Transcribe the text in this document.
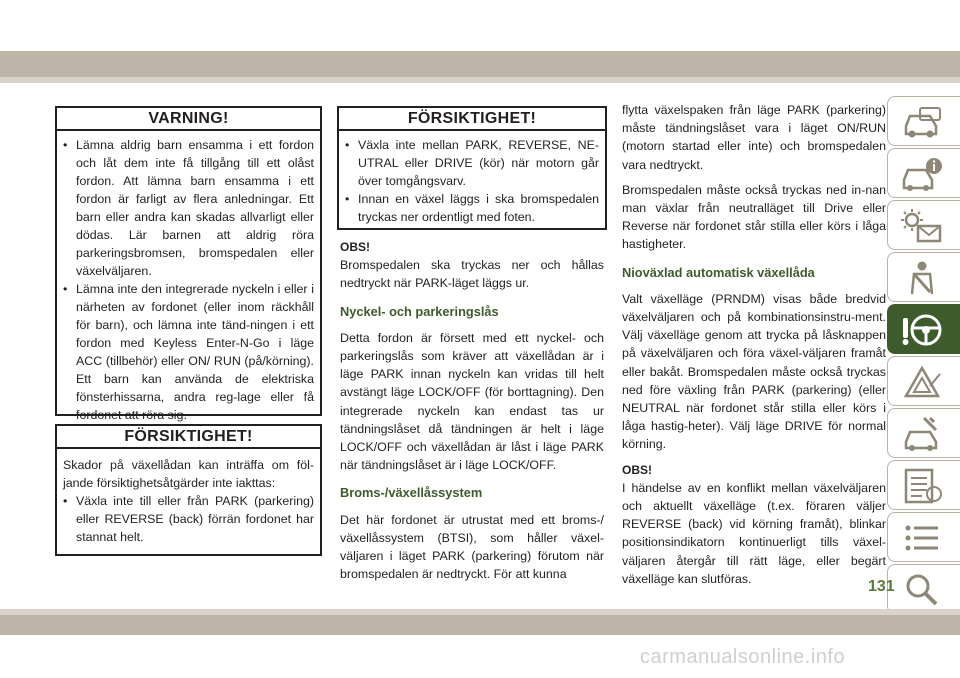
VARNING!
• Lämna aldrig barn ensamma i ett fordon och låt dem inte få tillgång till ett olåst fordon. Att lämna barn ensamma i ett fordon är farligt av flera anledningar. Ett barn eller andra kan skadas allvarligt eller dödas. Lär barnen att aldrig röra parkeringsbromsen, bromspedalen eller växelväljaren.
• Lämna inte den integrerade nyckeln i eller i närheten av fordonet (eller inom räckhåll för barn), och lämna inte tänd-ningen i ett fordon med Keyless Enter-N-Go i läge ACC (tillbehör) eller ON/ RUN (på/körning). Ett barn kan använda de elektriska fönsterhissarna, andra reg-lage eller få fordonet att röra sig.
FÖRSIKTIGHET!
Skador på växellådan kan inträffa om föl-jande försiktighetsåtgärder inte iakttas:
• Växla inte till eller från PARK (parkering) eller REVERSE (back) förrän fordonet har stannat helt.
FÖRSIKTIGHET!
• Växla inte mellan PARK, REVERSE, NE-UTRAL eller DRIVE (kör) när motorn går över tomgångsvarv.
• Innan en växel läggs i ska bromspedalen tryckas ner ordentligt med foten.
OBS!

Bromspedalen ska tryckas ner och hållas nedtryckt när PARK-läget läggs ur.

Nyckel- och parkeringslås

Detta fordon är försett med ett nyckel- och parkeringslås som kräver att växellådan är i läge PARK innan nyckeln kan vridas till helt avstängt läge LOCK/OFF (för borttagning). Den integrerade nyckeln kan endast tas ur tändningslåset då tändningen är helt i läge LOCK/OFF och växellådan är låst i läge PARK när tändningslåset är i läge LOCK/OFF.

Broms-/växellåssystem

Det här fordonet är utrustat med ett broms-/ växellåssystem (BTSI), som håller växel-väljaren i läget PARK (parkering) förutom när bromspedalen är nedtryckt. För att kunna

flytta växelspaken från läge PARK (parkering) måste tändningslåset vara i läget ON/RUN (motorn startad eller inte) och bromspedalen vara nedtryckt.

Bromspedalen måste också tryckas ned in-nan man växlar från neutralläget till Drive eller Reverse när fordonet står stilla eller körs i låga hastigheter.

Nioväxlad automatisk växellåda

Valt växelläge (PRNDM) visas både bredvid växelväljaren och på kombinationsinstru-ment. Välj växelläge genom att trycka på låsknappen på växelväljaren och föra växel-väljaren framåt eller bakåt. Bromspedalen måste också tryckas ned före växling från PARK (parkering) (eller NEUTRAL när fordonet står stilla eller körs i låga hastig-heter). Välj läge DRIVE för normal körning.

OBS!

I händelse av en konflikt mellan växelväljaren och aktuellt växelläge (t.ex. föraren väljer REVERSE (back) vid körning framåt), blinkar positionsindikatorn kontinuerligt tills växel-väljaren återgår till rätt läge, eller begärt växelläge kan slutföras.	131
carmanualsonline.info
